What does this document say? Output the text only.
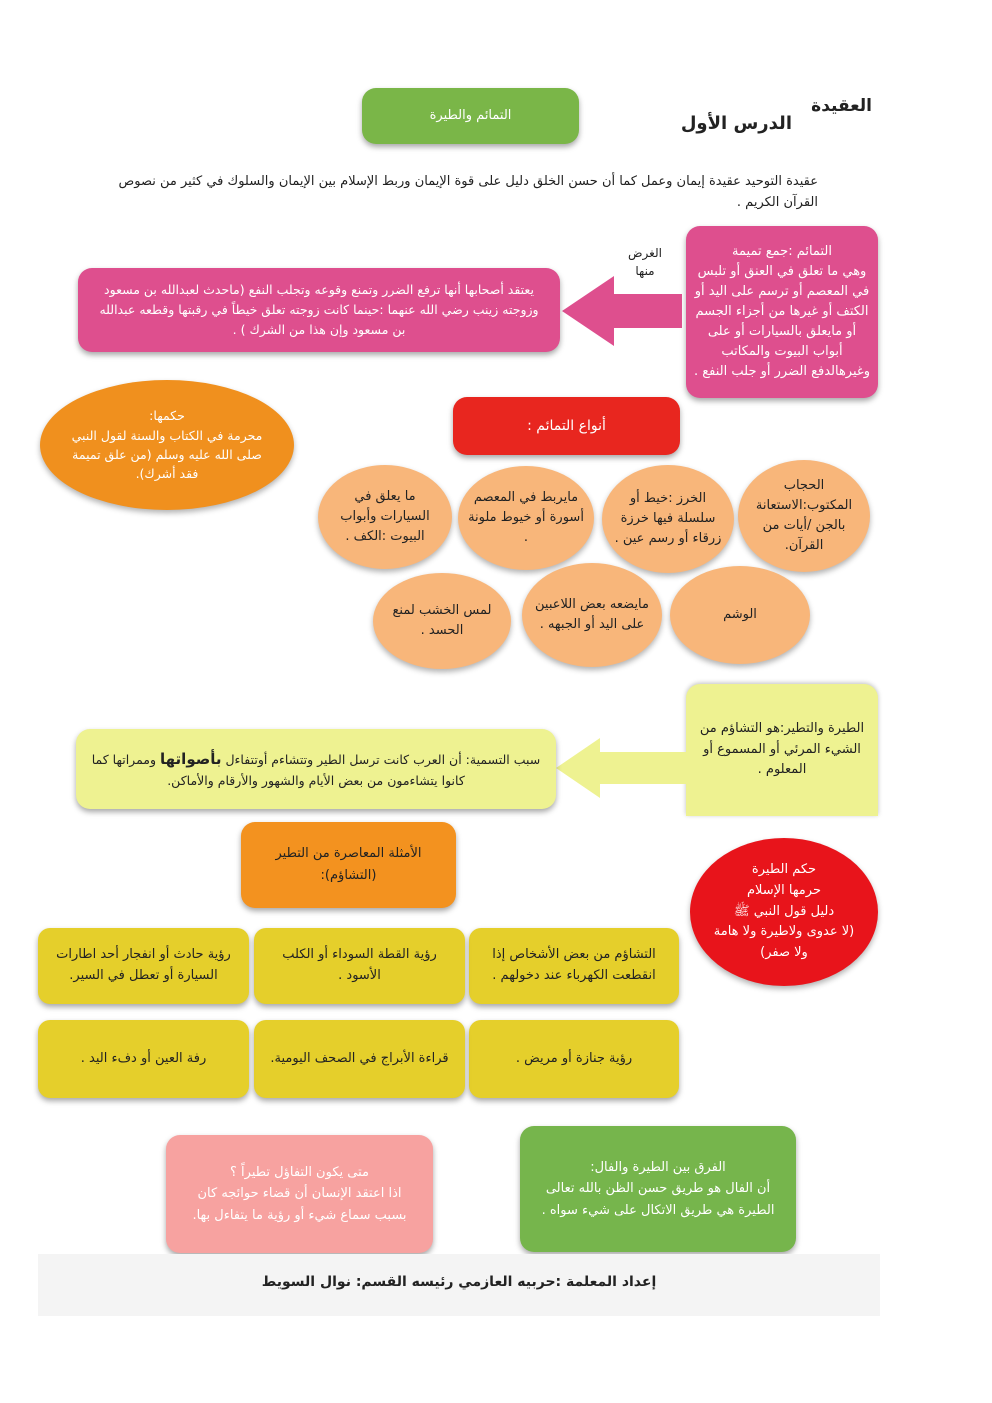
العقيدة
الدرس الأول
التمائم والطيرة
عقيدة التوحيد عقيدة إيمان وعمل كما أن حسن الخلق دليل على قوة الإيمان وربط الإسلام بين الإيمان والسلوك في كثير من نصوص القرآن الكريم .
التمائم :جمع تميمة
وهي ما تعلق في العنق أو تلبس في المعصم أو ترسم على اليد أو الكتف أو غيرها من أجزاء الجسم أو مايعلق بالسيارات أو على أبواب البيوت والمكاتب وغيرهالدفع الضرر أو جلب النفع .
الغرض
منها
يعتقد أصحابها أنها ترفع الضرر وتمنع وقوعه وتجلب النفع (ماحدث لعبدالله بن مسعود وزوجته زينب رضي الله عنهما :حينما كانت زوجته تعلق خيطاً في رقبتها وقطعه عبدالله بن مسعود وإن هذا من الشرك ) .
حكمها:
محرمة في الكتاب والسنة لقول النبي صلى الله عليه وسلم (من علق تميمة فقد أشرك).
أنواع التمائم :
الحجاب المكتوب:الاستعانة بالجن /أيات من القرآن.
الخرز :خيط أو سلسلة فيها خرزة زرقاء أو رسم عين .
مايربط في المعصم أسورة أو خيوط ملونة .
ما يعلق في السيارات وأبواب البيوت :الكف .
الوشم
مايضعه بعض اللاعبين على اليد أو الجبهه .
لمس الخشب لمنع الحسد .
الطيرة والتطير:هو التشاؤم من الشيء المرئي أو المسموع أو المعلوم .
سبب التسمية: أن العرب كانت ترسل الطير وتتشاءم أوتتفاءل بأصواتها وممراتها كما كانوا يتشاءمون من بعض الأيام والشهور والأرقام والأماكن.
الأمثلة المعاصرة من التطير (التشاؤم):	حكم الطيرة
حرمها الإسلام
دليل قول النبي ﷺ
(لا عدوى ولاطيرة ولا هامة ولا صفر)
التشاؤم من بعض الأشخاص إذا انقطعت الكهرباء عند دخولهم .
رؤية القطة السوداء أو الكلب الأسود .
رؤية حادث أو انفجار أحد اطارات السيارة أو تعطل في السير.
رؤية جنازة أو مريض .
قراءة الأبراج في الصحف اليومية.
رفة العين أو دفء اليد .
الفرق بين الطيرة والفال:
أن الفال هو طريق حسن الظن بالله تعالى
الطيرة هي طريق الاتكال على شيء سواه .
متى يكون التفاؤل تطيراً ؟
اذا اعتقد الإنسان أن قضاء حوائجه كان بسبب سماع شيء أو رؤية ما يتفاءل بها.
إعداد المعلمة :حربيه العازمي رئيسه القسم: نوال السويط
